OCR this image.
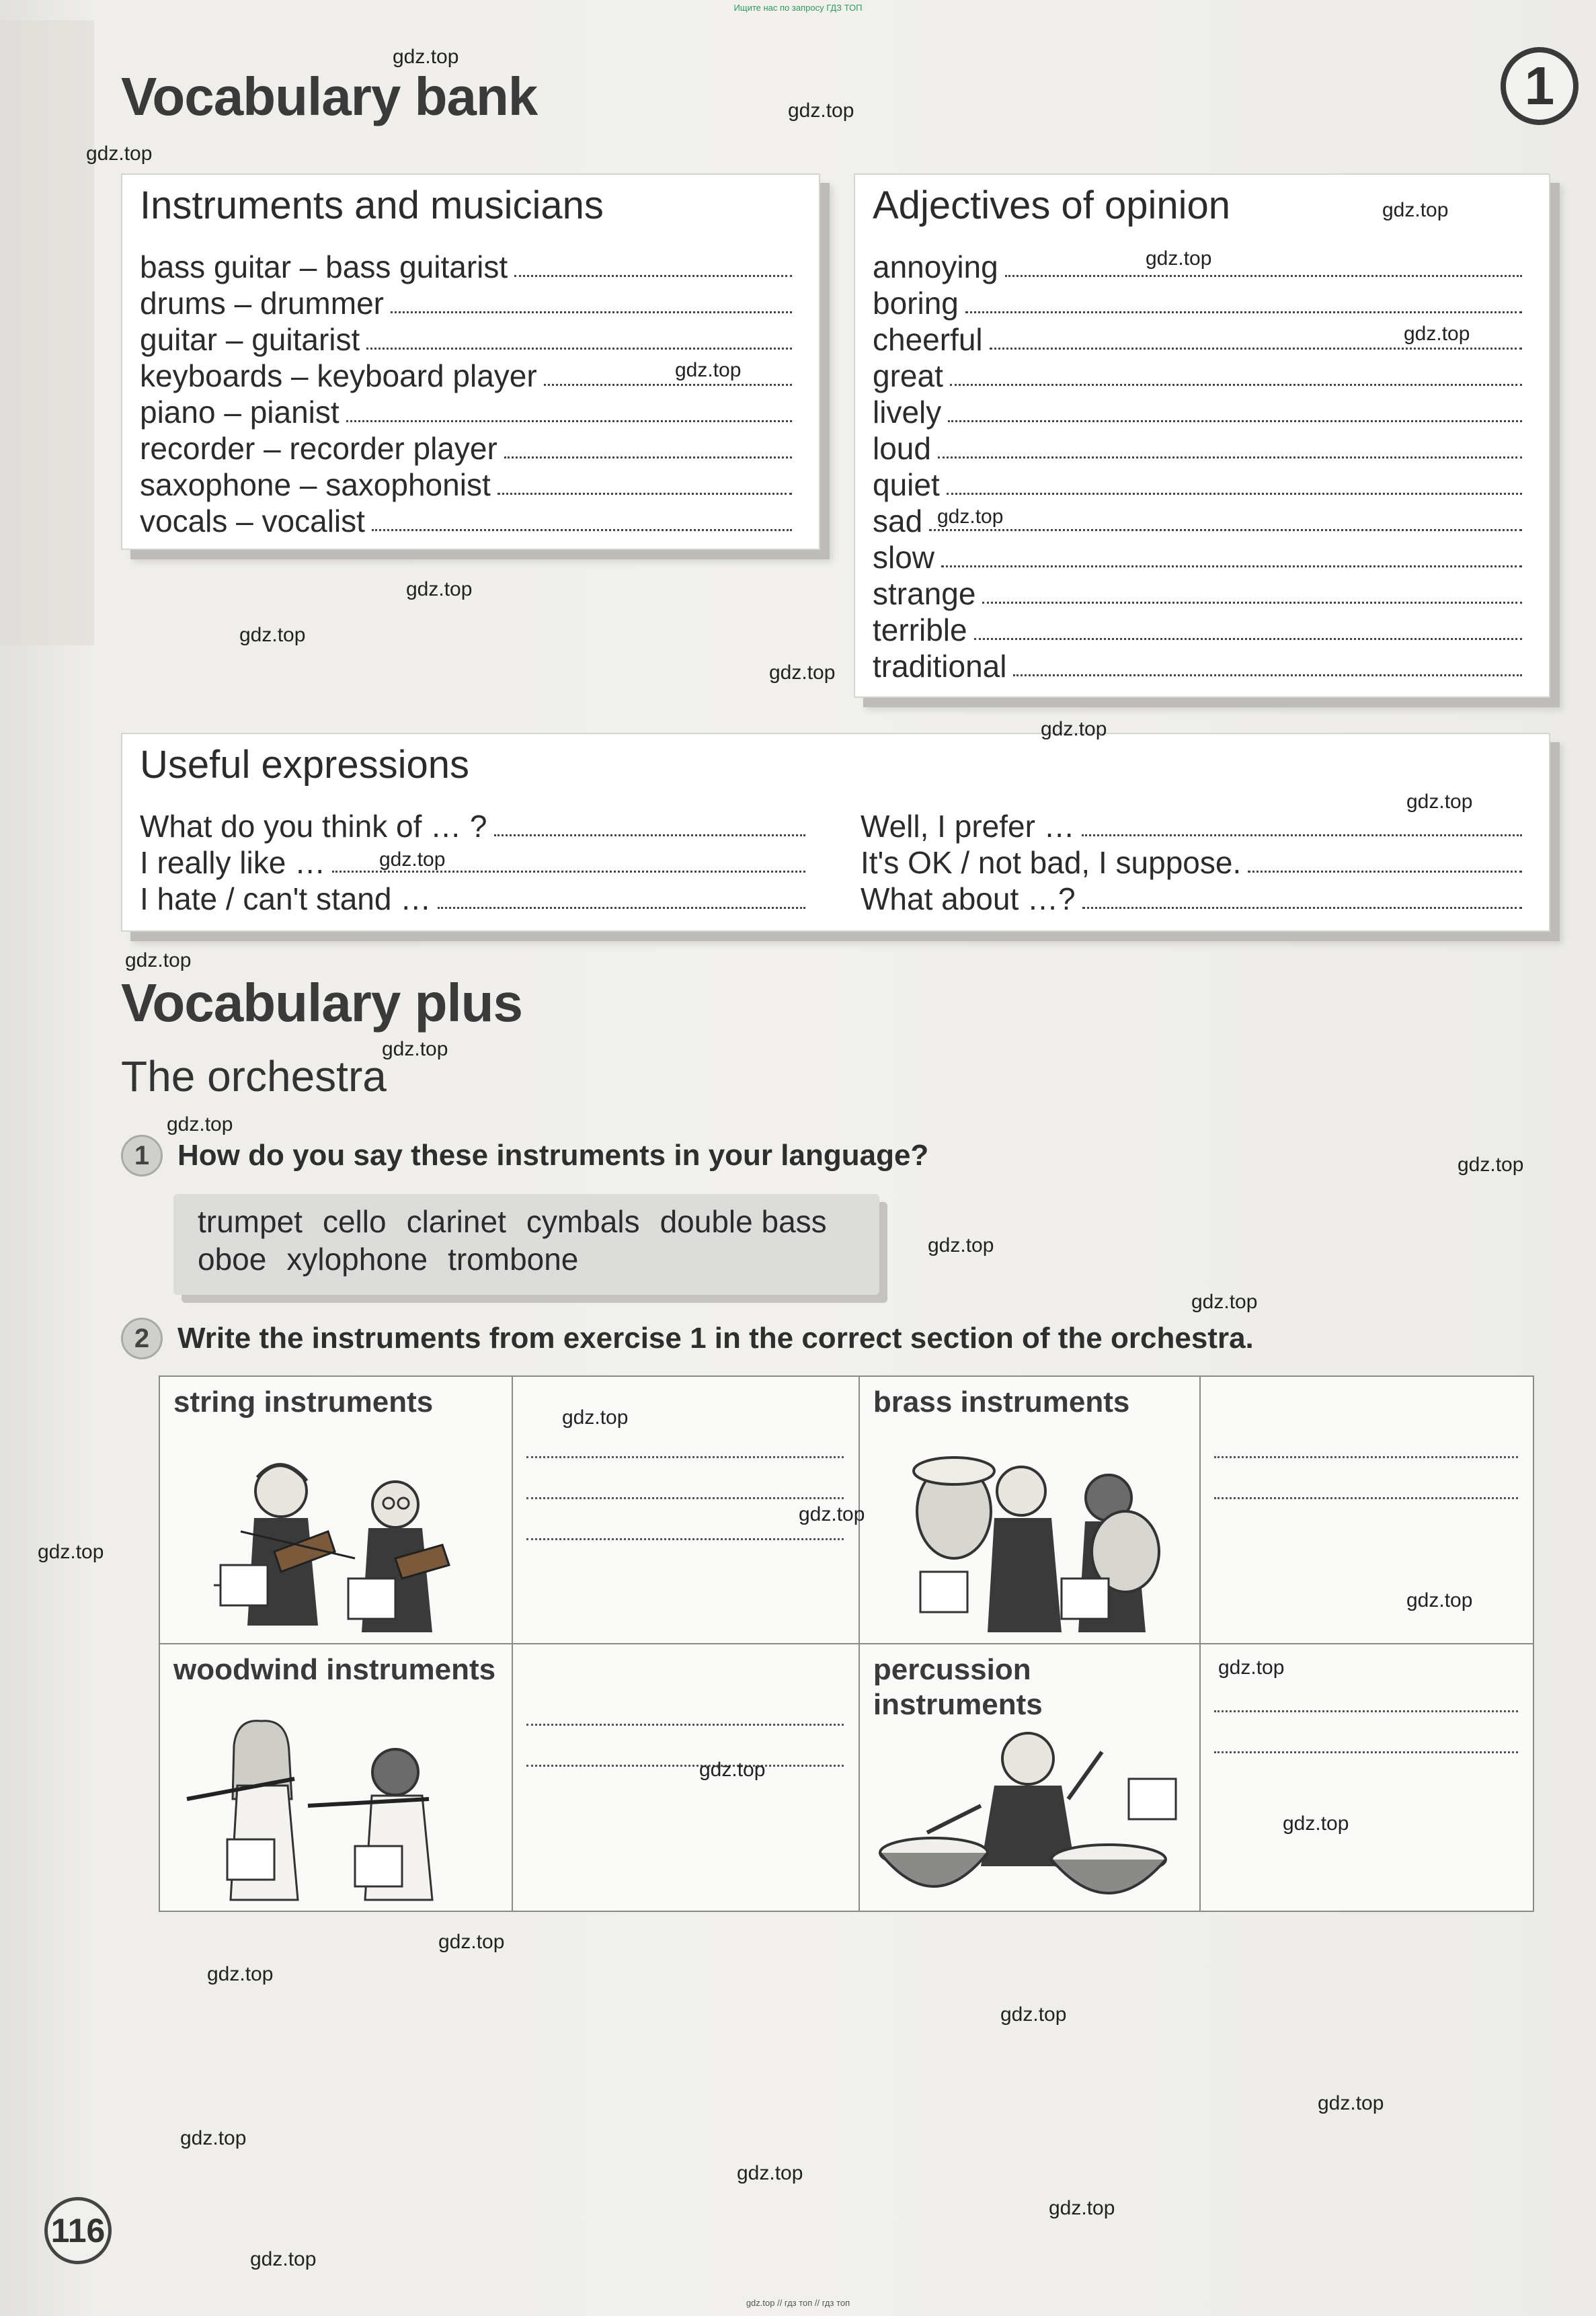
Ищите нас по запросу ГДЗ ТОП
1
Vocabulary bank
Instruments and musicians
bass guitar – bass guitarist
drums – drummer
guitar – guitarist
keyboards – keyboard player
piano – pianist
recorder – recorder player
saxophone – saxophonist
vocals – vocalist
Adjectives of opinion
annoying
boring
cheerful
great
lively
loud
quiet
sad
slow
strange
terrible
traditional
Useful expressions
What do you think of … ?
I really like …
I hate / can't stand …
Well, I prefer …
It's OK / not bad, I suppose.
What about …?
Vocabulary plus
The orchestra
1 How do you say these instruments in your language?
trumpet cello clarinet cymbals double bass
oboe xylophone trombone
2 Write the instruments from exercise 1 in the correct section of the orchestra.
string instruments		brass instruments	

woodwind instruments		percussion
instruments	

116
gdz.top
gdz.top
gdz.top
gdz.top
gdz.top
gdz.top
gdz.top
gdz.top
gdz.top
gdz.top
gdz.top
gdz.top
gdz.top
gdz.top
gdz.top
gdz.top
gdz.top
gdz.top
gdz.top
gdz.top
gdz.top
gdz.top
gdz.top
gdz.top
gdz.top
gdz.top
gdz.top
gdz.top
gdz.top
gdz.top
gdz.top
gdz.top
gdz.top
gdz.top
gdz.top
gdz.top // гдз топ // гдз топ
